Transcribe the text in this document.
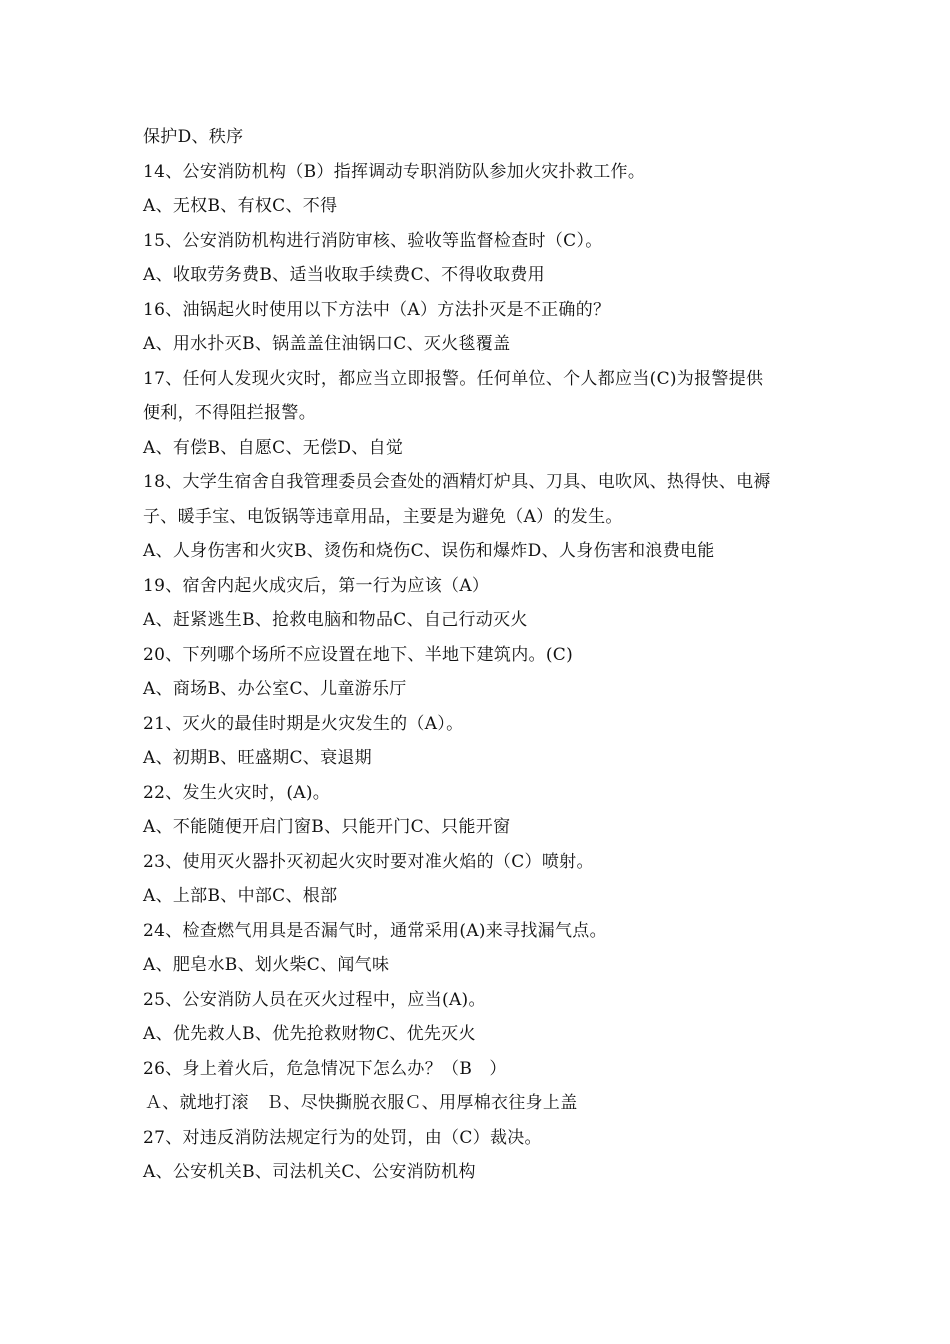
保护D、秩序
14、公安消防机构（B）指挥调动专职消防队参加火灾扑救工作。
A、无权B、有权C、不得
15、公安消防机构进行消防审核、验收等监督检查时（C）。
A、收取劳务费B、适当收取手续费C、不得收取费用
16、油锅起火时使用以下方法中（A）方法扑灭是不正确的？
A、用水扑灭B、锅盖盖住油锅口C、灭火毯覆盖
17、任何人发现火灾时，都应当立即报警。任何单位、个人都应当(C)为报警提供
便利，不得阻拦报警。
A、有偿B、自愿C、无偿D、自觉
18、大学生宿舍自我管理委员会查处的酒精灯炉具、刀具、电吹风、热得快、电褥
子、暖手宝、电饭锅等违章用品，主要是为避免（A）的发生。
A、人身伤害和火灾B、烫伤和烧伤C、误伤和爆炸D、人身伤害和浪费电能
19、宿舍内起火成灾后，第一行为应该（A）
A、赶紧逃生B、抢救电脑和物品C、自己行动灭火
20、下列哪个场所不应设置在地下、半地下建筑内。(C)
A、商场B、办公室C、儿童游乐厅
21、灭火的最佳时期是火灾发生的（A）。
A、初期B、旺盛期C、衰退期
22、发生火灾时，(A)。
A、不能随便开启门窗B、只能开门C、只能开窗
23、使用灭火器扑灭初起火灾时要对准火焰的（C）喷射。
A、上部B、中部C、根部
24、检查燃气用具是否漏气时，通常采用(A)来寻找漏气点。
A、肥皂水B、划火柴C、闻气味
25、公安消防人员在灭火过程中，应当(A)。
A、优先救人B、优先抢救财物C、优先灭火
26、身上着火后，危急情况下怎么办？（B　）
Ａ、就地打滚　Ｂ、尽快撕脱衣服Ｃ、用厚棉衣往身上盖
27、对违反消防法规定行为的处罚，由（C）裁决。
A、公安机关B、司法机关C、公安消防机构
